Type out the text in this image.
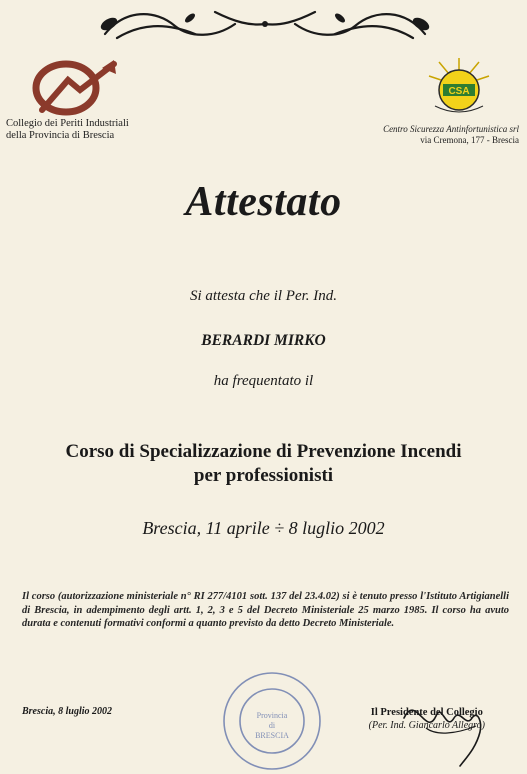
Collegio dei Periti Industriali
della Provincia di Brescia
CSA
Centro Sicurezza Antinfortunistica srl
via Cremona, 177 - Brescia
Attestato
Si attesta che il Per. Ind.
BERARDI MIRKO
ha frequentato il
Corso di Specializzazione di Prevenzione Incendi
per professionisti
Brescia, 11 aprile ÷ 8 luglio 2002
Il corso (autorizzazione ministeriale n° RI 277/4101 sott. 137 del 23.4.02) si è tenuto presso l'Istituto Artigianelli di Brescia, in adempimento degli artt. 1, 2, 3 e 5 del Decreto Ministeriale 25 marzo 1985. Il corso ha avuto durata e contenuti formativi conformi a quanto previsto da detto Decreto Ministeriale.
Brescia, 8 luglio 2002	Provincia
di
BRESCIA
Il Presidente del Collegio
(Per. Ind. Giancarlo Allegro)
